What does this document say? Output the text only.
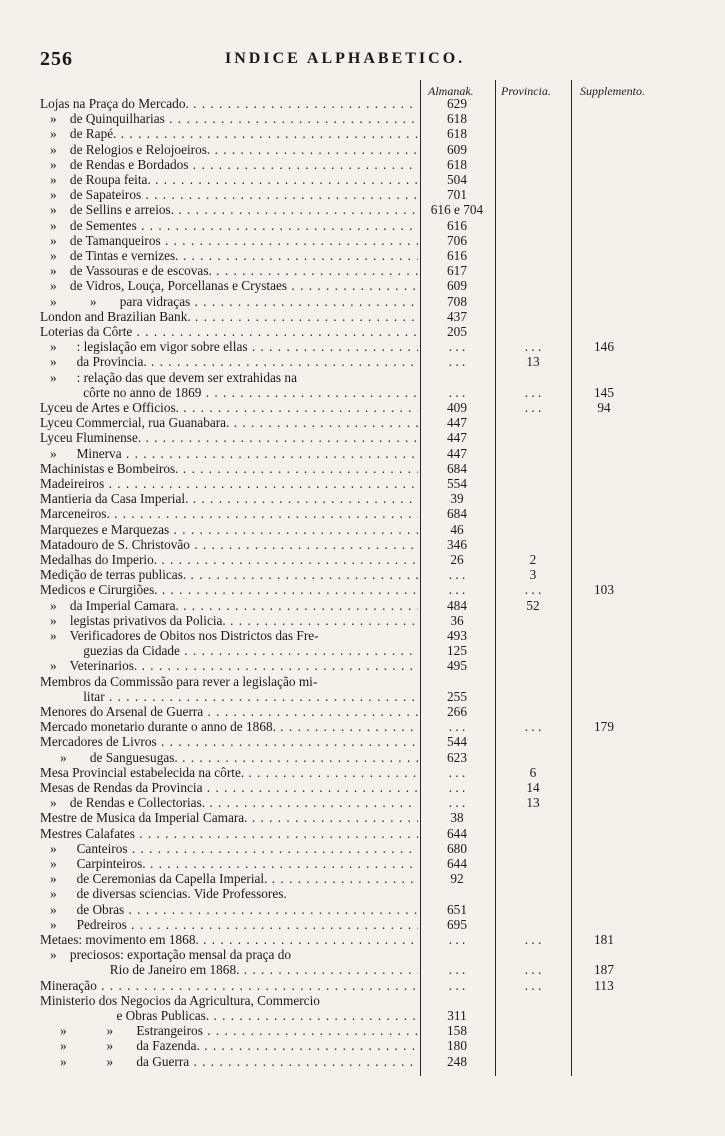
256	INDICE ALPHABETICO.
Almanak. Provincia. Supplemento.
Lojas na Praça do Mercado. . . .	629
»    de Quinquilharias . . .	618
»    de Rapé. . . .	618
»    de Relogios e Relojoeiros. . . .	609
»    de Rendas e Bordados . . .	618
»    de Roupa feita. . . .	504
»    de Sapateiros . . .	701
»    de Sellins e arreios. . . .	616 e 704
»    de Sementes . . .	616
»    de Tamanqueiros . . .	706
»    de Tintas e vernizes. . . .	616
»    de Vassouras e de escovas. . . .	617
»    de Vidros, Louça, Porcellanas e Crystaes . . .	609
»          »       para vidraças . . .	708
London and Brazilian Bank. . . .	437
Loterias da Côrte . . .	205
»      : legislação em vigor sobre ellas . . .	. . .	. . .	146
»      da Provincia. . . .	. . .	13
»      : relação das que devem ser extrahidas na
côrte no anno de 1869 . . .	. . .	. . .	145
Lyceu de Artes e Officios. . . .	409	. . .	94
Lyceu Commercial, rua Guanabara. . . .	447
Lyceu Fluminense. . . .	447
»      Minerva . . .	447
Machinistas e Bombeiros. . . .	684
Madeireiros . . .	554
Mantieria da Casa Imperial. . . .	39
Marceneiros. . . .	684
Marquezes e Marquezas . . .	46
Matadouro de S. Christovão . . .	346
Medalhas do Imperio. . . .	26	2
Medição de terras publicas. . . .	. . .	3
Medicos e Cirurgiões. . . .	. . .	. . .	103
»    da Imperial Camara. . . .	484	52
»    legistas privativos da Policia. . . .	36
»    Verificadores de Obitos nos Districtos das Fre-	493
guezias da Cidade . . .	125
»    Veterinarios. . . .	495
Membros da Commissão para rever a legislação mi-
litar . . .	255
Menores do Arsenal de Guerra . . .	266
Mercado monetario durante o anno de 1868. . . .	. . .	. . .	179
Mercadores de Livros . . .	544
»       de Sanguesugas. . . .	623
Mesa Provincial estabelecida na côrte. . . .	. . .	6
Mesas de Rendas da Provincia . . .	. . .	14
»    de Rendas e Collectorias. . . .	. . .	13
Mestre de Musica da Imperial Camara. . . .	38
Mestres Calafates . . .	644
»      Canteiros . . .	680
»      Carpinteiros. . . .	644
»      de Ceremonias da Capella Imperial. . . .	92
»      de diversas sciencias. Vide Professores.
»      de Obras . . .	651
»      Pedreiros . . .	695
Metaes: movimento em 1868. . . .	. . .	. . .	181
»    preciosos: exportação mensal da praça do
Rio de Janeiro em 1868. . . .	. . .	. . .	187
Mineração . . .	. . .	. . .	113
Ministerio dos Negocios da Agricultura, Commercio
e Obras Publicas. . . .	311
»            »       Estrangeiros . . .	158
»            »       da Fazenda. . . .	180
»            »       da Guerra . . .	248
